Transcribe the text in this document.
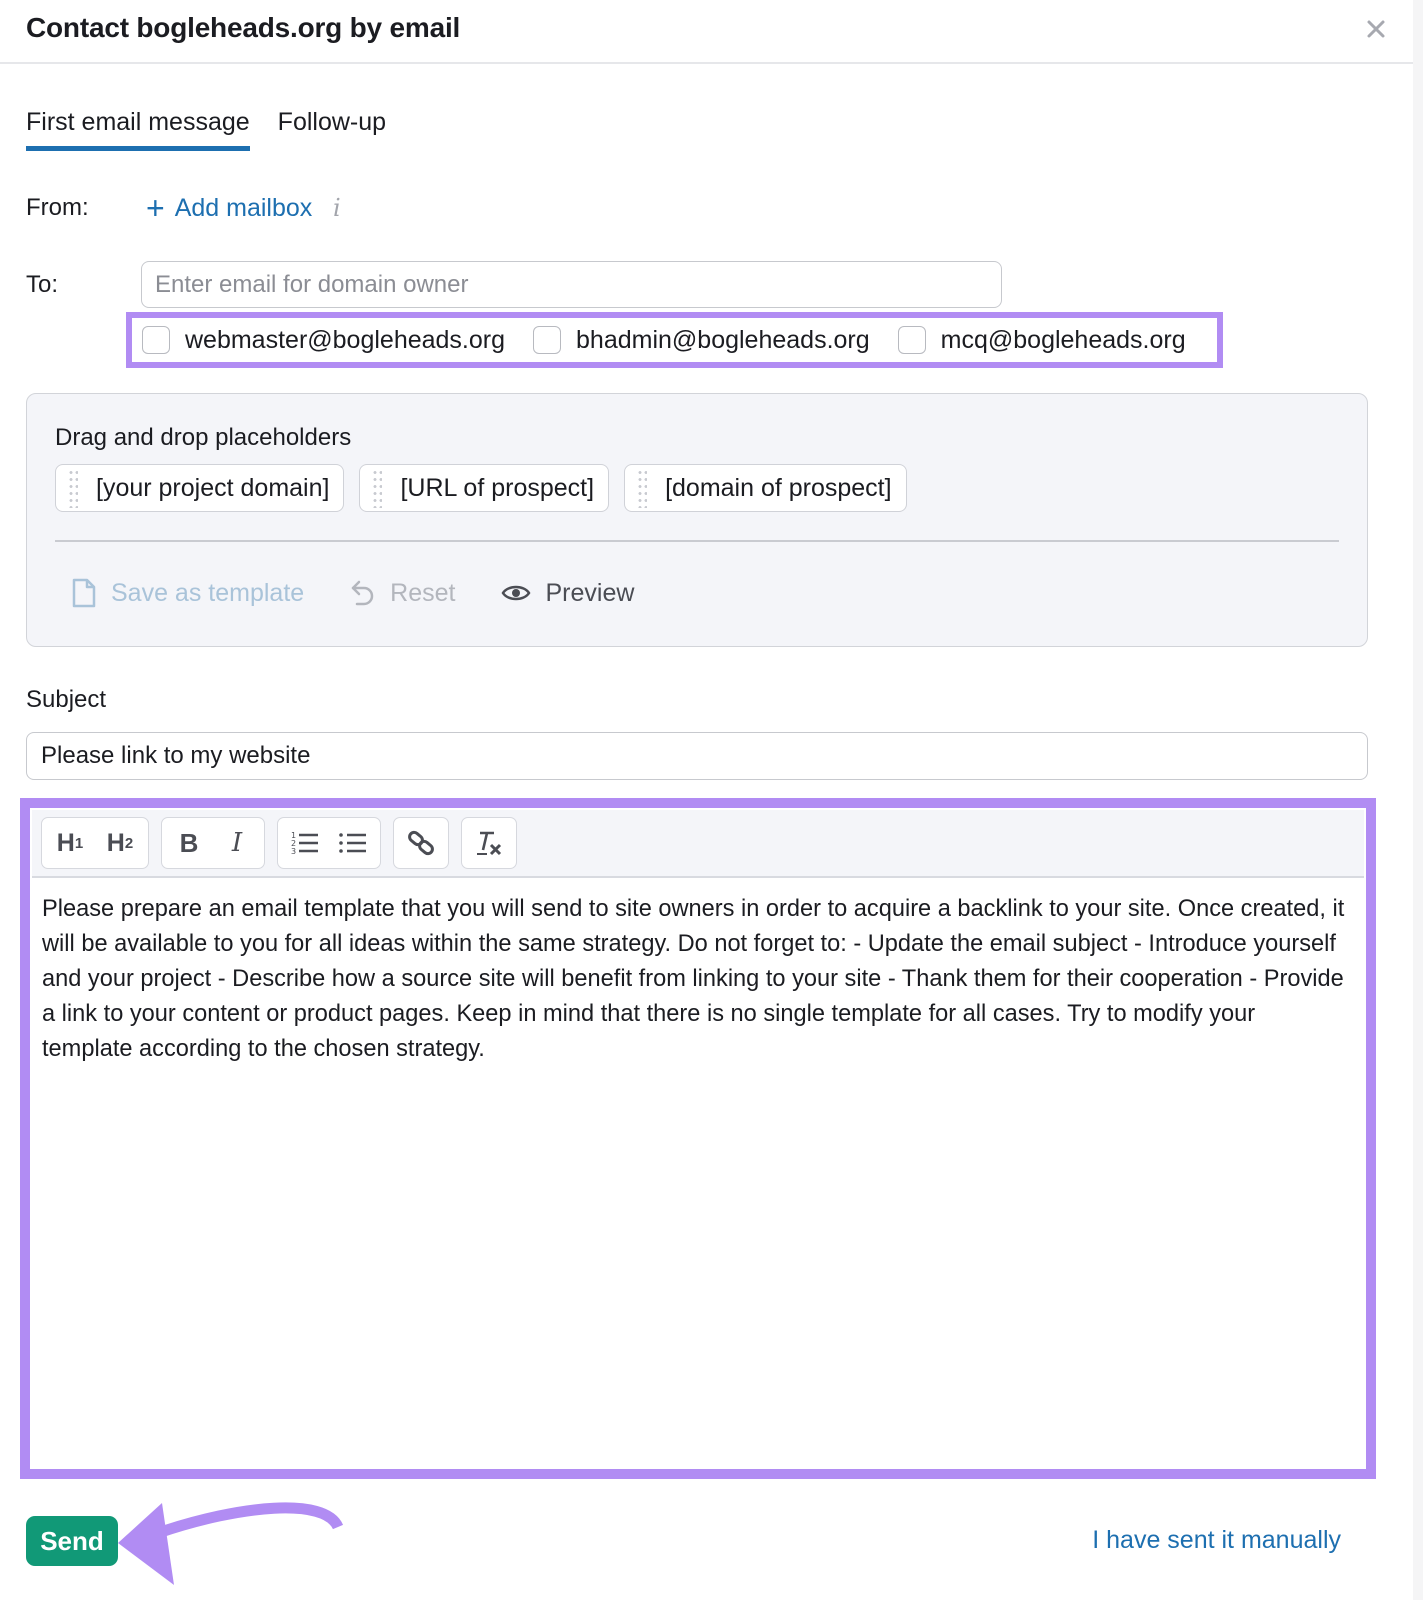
Contact bogleheads.org by email
First email message Follow-up
From: + Add mailbox i
To:
Enter email for domain owner
webmaster@bogleheads.org	bhadmin@bogleheads.org	mcq@bogleheads.org
Drag and drop placeholders
[your project domain]	[URL of prospect]	[domain of prospect]
Save as template	Reset	Preview
Subject
Please link to my website
H 1 H 2 B I	1
2
3
Please prepare an email template that you will send to site owners in order to acquire a backlink to your site. Once created, it will be available to you for all ideas within the same strategy. Do not forget to: - Update the email subject - Introduce yourself and your project - Describe how a source site will benefit from linking to your site - Thank them for their cooperation - Provide a link to your content or product pages. Keep in mind that there is no single template for all cases. Try to modify your template according to the chosen strategy.
Send	I have sent it manually
